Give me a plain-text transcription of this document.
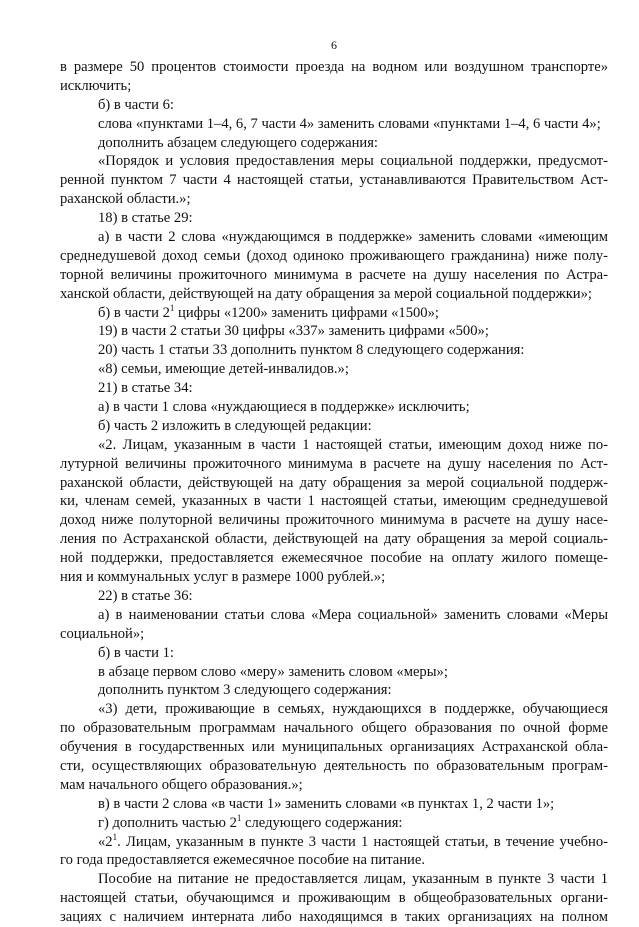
6
в размере 50 процентов стоимости проезда на водном или воздушном транспорте»
исключить;
б) в части 6:
слова «пунктами 1–4, 6, 7 части 4» заменить словами «пунктами 1–4, 6 части 4»;
дополнить абзацем следующего содержания:
«Порядок и условия предоставления меры социальной поддержки, предусмот-
ренной пунктом 7 части 4 настоящей статьи, устанавливаются Правительством Аст-
раханской области.»;
18) в статье 29:
а) в части 2 слова «нуждающимся в поддержке» заменить словами «имеющим
среднедушевой доход семьи (доход одиноко проживающего гражданина) ниже полу-
торной величины прожиточного минимума в расчете на душу населения по Астра-
ханской области, действующей на дату обращения за мерой социальной поддержки»;
б) в части $2^1$ цифры «1200» заменить цифрами «1500»;
19) в части 2 статьи 30 цифры «337» заменить цифрами «500»;
20) часть 1 статьи 33 дополнить пунктом 8 следующего содержания:
«8) семьи, имеющие детей-инвалидов.»;
21) в статье 34:
а) в части 1 слова «нуждающиеся в поддержке» исключить;
б) часть 2 изложить в следующей редакции:
«2. Лицам, указанным в части 1 настоящей статьи, имеющим доход ниже по-
лутурной величины прожиточного минимума в расчете на душу населения по Аст-
раханской области, действующей на дату обращения за мерой социальной поддерж-
ки, членам семей, указанных в части 1 настоящей статьи, имеющим среднедушевой
доход ниже полуторной величины прожиточного минимума в расчете на душу насе-
ления по Астраханской области, действующей на дату обращения за мерой социаль-
ной поддержки, предоставляется ежемесячное пособие на оплату жилого помеще-
ния и коммунальных услуг в размере 1000 рублей.»;
22) в статье 36:
а) в наименовании статьи слова «Мера социальной» заменить словами «Меры
социальной»;
б) в части 1:
в абзаце первом слово «меру» заменить словом «меры»;
дополнить пунктом 3 следующего содержания:
«3) дети, проживающие в семьях, нуждающихся в поддержке, обучающиеся
по образовательным программам начального общего образования по очной форме
обучения в государственных или муниципальных организациях Астраханской обла-
сти, осуществляющих образовательную деятельность по образовательным програм-
мам начального общего образования.»;
в) в части 2 слова «в части 1» заменить словами «в пунктах 1, 2 части 1»;
г) дополнить частью $2^1$ следующего содержания:
«$2^1$. Лицам, указанным в пункте 3 части 1 настоящей статьи, в течение учебно-
го года предоставляется ежемесячное пособие на питание.
Пособие на питание не предоставляется лицам, указанным в пункте 3 части 1
настоящей статьи, обучающимся и проживающим в общеобразовательных органи-
зациях с наличием интерната либо находящимся в таких организациях на полном
